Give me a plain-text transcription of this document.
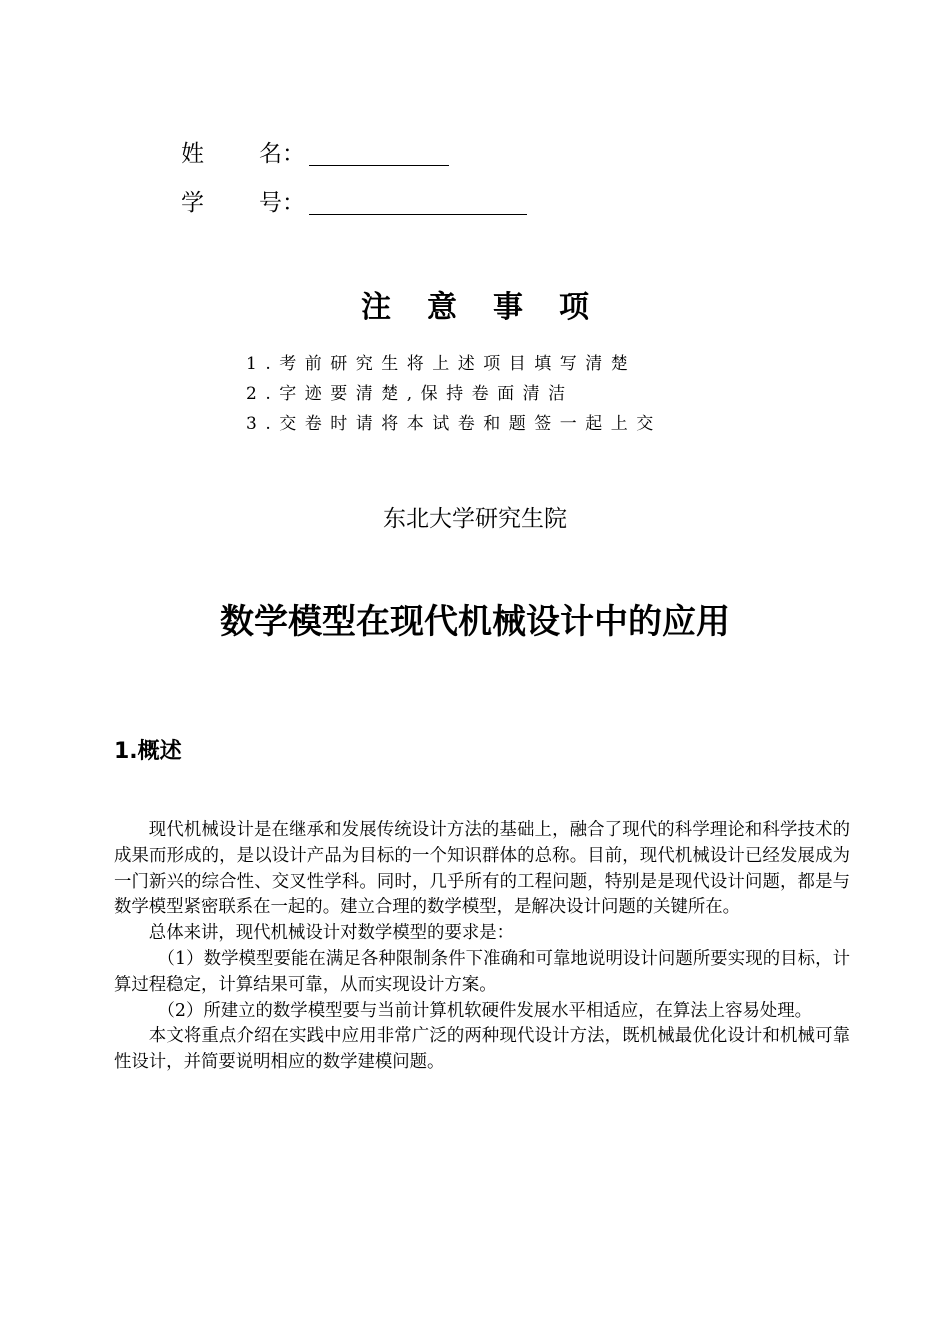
姓	名 ：
学	号 ：
注意事项
1.考前研究生将上述项目填写清楚
2.字迹要清楚,保持卷面清洁
3.交卷时请将本试卷和题签一起上交
东北大学研究生院
数学模型在现代机械设计中的应用
1.概述

现代机械设计是在继承和发展传统设计方法的基础上，融合了现代的科学理论和科学技术的成果而形成的，是以设计产品为目标的一个知识群体的总称。目前，现代机械设计已经发展成为一门新兴的综合性、交叉性学科。同时，几乎所有的工程问题，特别是是现代设计问题，都是与数学模型紧密联系在一起的。建立合理的数学模型，是解决设计问题的关键所在。

总体来讲，现代机械设计对数学模型的要求是：

（1）数学模型要能在满足各种限制条件下准确和可靠地说明设计问题所要实现的目标，计算过程稳定，计算结果可靠，从而实现设计方案。

（2）所建立的数学模型要与当前计算机软硬件发展水平相适应，在算法上容易处理。

本文将重点介绍在实践中应用非常广泛的两种现代设计方法，既机械最优化设计和机械可靠性设计，并简要说明相应的数学建模问题。
